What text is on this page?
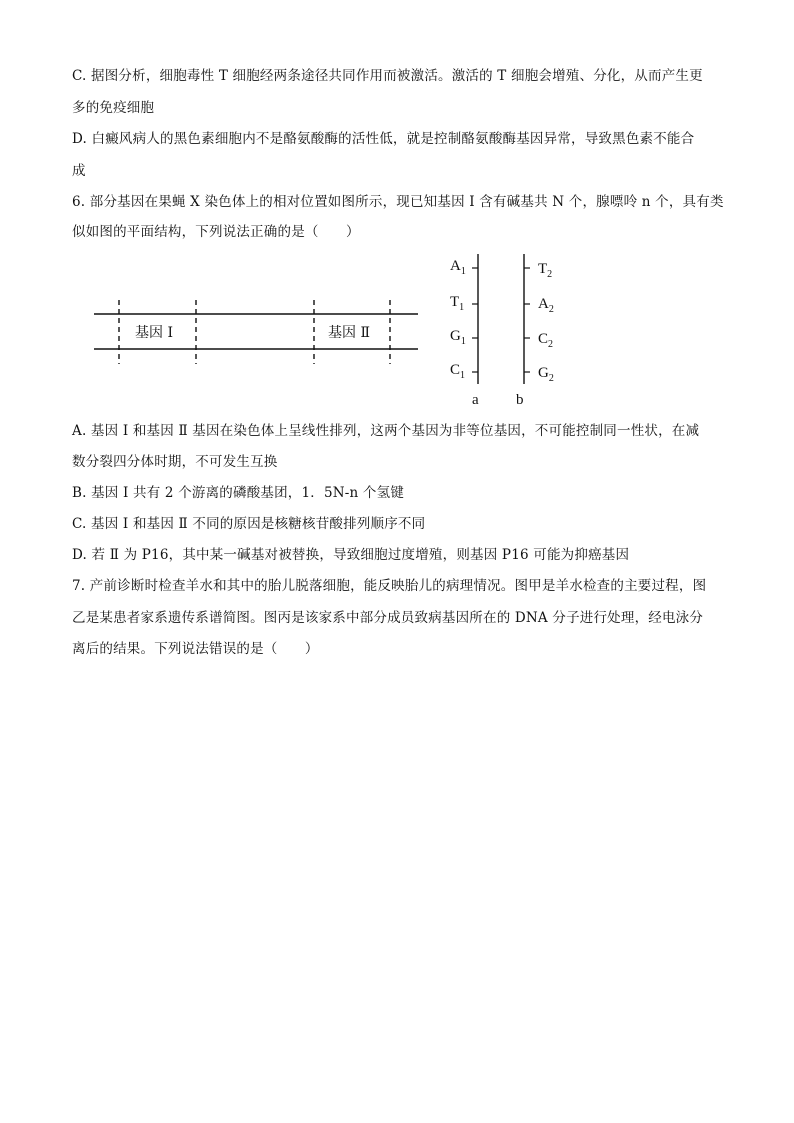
C. 据图分析，细胞毒性 T 细胞经两条途径共同作用而被激活。激活的 T 细胞会增殖、分化，从而产生更
多的免疫细胞
D. 白癜风病人的黑色素细胞内不是酪氨酸酶的活性低，就是控制酪氨酸酶基因异常，导致黑色素不能合
成
6. 部分基因在果蝇 X 染色体上的相对位置如图所示，现已知基因 I 含有碱基共 N 个，腺嘌呤 n 个，具有类
似如图的平面结构，下列说法正确的是（　　）
基因 I	基因 Ⅱ
$A_1$
$T_1$
$G_1$
$C_1$
$T_2$
$A_2$
$C_2$
$G_2$
a b
A. 基因 I 和基因 Ⅱ 基因在染色体上呈线性排列，这两个基因为非等位基因，不可能控制同一性状，在减
数分裂四分体时期，不可发生互换
B. 基因 I 共有 2 个游离的磷酸基团，1．5N-n 个氢键
C. 基因 I 和基因 Ⅱ 不同的原因是核糖核苷酸排列顺序不同
D. 若 Ⅱ 为 P16，其中某一碱基对被替换，导致细胞过度增殖，则基因 P16 可能为抑癌基因
7. 产前诊断时检查羊水和其中的胎儿脱落细胞，能反映胎儿的病理情况。图甲是羊水检查的主要过程，图
乙是某患者家系遗传系谱简图。图丙是该家系中部分成员致病基因所在的 DNA 分子进行处理，经电泳分
离后的结果。下列说法错误的是（　　）
